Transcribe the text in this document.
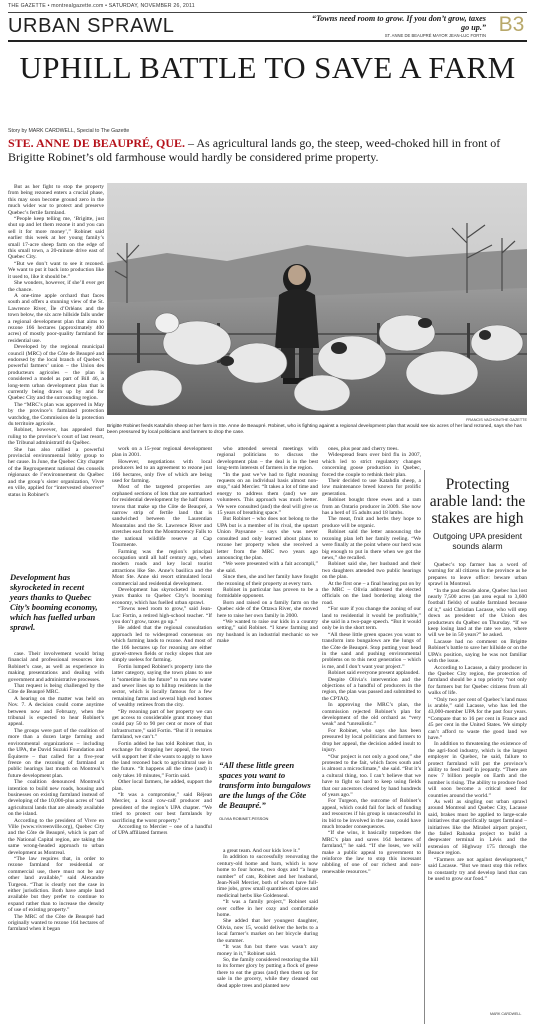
THE GAZETTE • montrealgazette.com • SATURDAY, NOVEMBER 26, 2011
URBAN SPRAWL	“Towns need room to grow. If you don’t grow, taxes go up.”
ST. ANNE DE BEAUPRÉ MAYOR JEAN-LUC FORTIN B3
UPHILL BATTLE TO SAVE A FARM
Story by MARK CARDWELL, Special to The Gazette
STE. ANNE DE BEAUPRÉ, QUE. – As agricultural lands go, the steep, weed-choked hill in front of Brigitte Robinet’s old farmhouse would hardly be considered prime property.

But as her fight to stop the property from being rezoned enters a crucial phase, this may soon become ground zero in the much wider war to protect and preserve Quebec’s fertile farmland.

“People keep telling me, ‘Brigitte, just shut up and let them rezone it and you can sell it for more money’,” Robinet said earlier this week at her young family’s small 17-acre sheep farm on the edge of this small town, a 20-minute drive east of Quebec City.

“But we don’t want to see it rezoned. We want to put it back into production like it used to, like it should be.”

She wonders, however, if she’ll ever get the chance.

A one-time apple orchard that faces south and offers a stunning view of the St. Lawrence River, Île d’Orléans and the town below, the six acre hillside falls under a regional development plan that aims to rezone 166 hectares (approximately 400 acres) of mostly poor-quality farmland for residential use.

Developed by the regional municipal council (MRC) of the Côte de Beaupré and endorsed by the local branch of Quebec’s powerful farmers’ union – the Union des producteurs agricoles – the plan is considered a model as part of Bill 46, a long-term urban development plan that is currently being drawn up by and for Quebec City and the surrounding region.

The “MRC’s plan was approved in May by the province’s farmland protection watchdog, the Commission de la protection du territoire agricole.

Robinet, however, has appealed that ruling to the province’s court of last resort, the Tribunal administratif du Québec.

She has also rallied a powerful provincial environmental lobby group to her cause. In June, the Quebec City chapter of the Regroupement national des conseils régionaux de l’environnement du Québec and the group’s sister organization, Vivre en ville, applied for “intervested observer” status in Robinet’s

Development has skyrocketed in recent years thanks to Quebec City’s booming economy, which has fuelled urban sprawl.

case. Their involvement would bring financial and professional resources into Robinet’s case, as well as experience in making presentations and dealing with government and administrative processes.

That request is being challenged by the Côte de Beaupré MRC.

A hearing on the matter was held on Nov. 7. A decision could come anytime between now and February, when the tribunal is expected to hear Robinet’s appeal.

The groups were part of the coalition of more than a dozen large farming and environmental organizations – including the UPA, the David Suzuki Foundation and Équiterre – that called for a five-year freeze on the rezoning of farmland at public hearings last month on Montreal’s future development plan.

The coalition denounced Montreal’s intention to build new roads, housing and businesses on existing farmland instead of developing of the 10,000-plus acres of ‘sad agricultural lands that are already available on the island.

According to the president of Vivre en Ville (www.vivreenville.org), Quebec City and the Côte de Beaupré, which is part of the National Capital region, are taking the same wrong-headed approach to urban development as Montreal.

“The law requires that, in order to rezone farmland for residential or commercial use, there must not be any other land available,” said Alexandre Turgeon. “That is clearly not the case in either jurisdiction. Both have ample land available but they prefer to continue to expand rather than to increase the density of use of existing property.”

The MRC of the Côte de Beaupré had originally wanted to rezone 164 hectares of farmland when it began

FRANCIS VACHON/THE GAZETTE
Brigitte Robinet feeds Katahdin sheep at her farm in Ste. Anne de Beaupré. Robinet, who is fighting against a regional development plan that would see six acres of her land rezoned, says she has been pressured by local politicians and farmers to drop the case.

work on a 15-year regional development plan in 2001.

However, negotiations with local producers led to an agreement to rezone just 166 hectares, only five of which are being used for farming.

Most of the targeted properties are orphaned sections of lots that are earmarked for residential development by the half dozen towns that make up the Côte de Beaupré, a narrow strip of fertile land that is sandwiched between the Laurentian Mountains and the St. Lawrence River and stretches east from the Montmorency Falls to the national wildlife reserve at Cap Tourmente.

Farming was the region’s principal occupation until all half century ago, when modern roads and key local tourist attractions like Ste. Anne’s basilica and the Mont Ste. Anne ski resort stimulated local commercial and residential development.

Development has skyrocketed in recent years thanks to Quebec City’s booming economy, which has fuelled urban sprawl.

“Towns need room to grow,” said Jean-Luc Fortin, a retired high-school teacher. “If you don’t grow, taxes go up.”

He added that the regional consultation approach led to widespread consensus on which farming lands to rezone. And most of the 166 hectares up for rezoning are either gravel-strewn fields or rocky slopes that are simply useless for farming.

Fortin lumped Robinet’s property into the latter category, saying the town plans to use it “sometime in the future” to run new water and sewer lines up to hilltop residents in the sector, which is locally famous for a few remaining farms and several high end homes of wealthy retirees from the city.

“By rezoning part of her property we can get access to considerable grant money that could pay 50 to 90 per cent or more of that infrastructure,” said Fortin. “But if it remains farmland, we can’t.”

Fortin added he has told Robinet that, in exchange for dropping her appeal, the town will support her if she wants to apply to have the land rezoned back to agricultural use in the future. “It happens all the time (and) it only takes 10 minutes,” Fortin said.

Other local farmers, he added, support the plan.

“It was a compromise,” said Réjean Mercier, a local cow-calf producer and president of the region’s UPA chapter. “We tried to protect our best farmlands by sacrificing the worst property.”

According to Mercier – one of a handful of UPA affiliated farmers

who attended several meetings with regional politicians to discuss the development plan – the deal is in the best long-term interests of farmers in the region.

“In the past we’ve had to fight rezoning requests on an individual basis almost non-stop,” said Mercier. “It takes a lot of time and energy to address them (and) we are volunteers. This approach was much better. We were consulted (and) the deal will give us 15 years of breathing space.”

But Robinet – who does not belong to the UPA but is a member of its rival, the upstart Union Paysanne – says she was never consulted and only learned about plans to rezone her property when she received a letter from the MRC two years ago announcing the plan.

“We were presented with a fait accompli,” she said.

Since then, she and her family have fought the rezoning of their property at every turn.

Robinet in particular has proven to be a formidable opponent.

Born and raised on a family farm on the Quebec side of the Ottawa River, she moved here to raise her own family in 2000.

“We wanted to raise our kids in a country setting,” said Robinet. “I knew farming and my husband is an industrial mechanic so we make

“All these little green spaces you want to transform into bungalows are the lungs of the Côte de Beaupré.”
OLIVIA ROBINET-PESSON

a great team. And our kids love it.”

In addition to successfully renovating the century-old home and barn, which is now home to four horses, two dogs and “a huge number” of cats, Robinet and her husband, Jean-Noël Mercier, both of whom have full-time jobs, grow small quantities of spices and medicinal herbs like Goldenseal.

“It was a family project,” Robinet said over coffee in her cozy and comfortable home.

She added that her youngest daughter, Olivia, now 15, would deliver the herbs to a local farmer’s market on her bicycle during the summer.

“It was fun but there was wasn’t any money in it,” Robinet said.

So, the family considered restoring the hill to its former glory by putting a flock of geese there to eat the grass (and) then them up for sale in the grocery, while they cleaned out dead apple trees and planted new

ones, plus pear and cherry trees.

Widespread fears over bird flu in 2007, which led to strict regulatory changes concerning goose production in Quebec, forced the couple to rethink their plan.

Their decided to use Katahdin sheep, a low maintenance breed known for prolific generation.

Robinet bought three ewes and a ram from an Ontario producer in 2009. She now has a herd of 15 adults and 18 lambs.

The meat, fruit and herbs they hope to produce will be organic.

Robinet said the letter announcing the rezoning plan left her family reeling. “We were finally at the point where our herd was big enough to put in there when we got the news,” she recalled.

Robinet said she, her husband and their two daughters attended two public hearings on the plan.

At the first one – a final hearing put on by the MRC – Olivia addressed the elected officials on the land bordering along the road.

“For sure if you change the zoning of our land to residential it would be profitable,” she said in a two-page speech. “But it would only be in the short term.

“All these little green spaces you want to transform into bungalows are the lungs of the Côte de Beaupré. Stop putting your head in the sand and pushing environmental problems on to this next generation – which is me, and I don’t want your project.”

Robinet said everyone present applauded.

Despite Olivia’s intervention and the objections of a handful of producers in the region, the plan was passed and submitted to the CPTAQ.

In approving the MRC’s plan, the commission rejected Robinet’s plan for development of the old orchard as “very weak” and “unrealistic.”

For Robinet, who says she has been pressured by local politicians and farmers to drop her appeal, the decision added insult to injury.

“Our project is not only a good one,” she protested to the fait, which faces south and is almost a microclimate,” she said. “But it’s a cultural thing, too. I can’t believe that we have to fight so hard to keep using fields that our ancestors cleared by hand hundreds of years ago.”

For Turgeon, the outcome of Robinet’s appeal, which could fail for lack of funding and resources if his group is unsuccessful in its bid to be involved in the case, could have much broader consequences.

“If she wins, it basically torpedoes the MRC’s plan and saves 164 hectares of farmland,” he said. “If she loses, we will make a public appeal to government to reinforce the law to stop this incessant nibbling of one of our richest and non-renewable resources.”

Protecting arable land: the stakes are high
Outgoing UPA president sounds alarm

Quebec’s top farmer has a word of warning for all citizens in the province as he prepares to leave office: beware urban sprawl in Montreal.

“In the past decade alone, Quebec has lost nearly 7,500 acres (an area equal to 3,600 football fields) of usable farmland because of it,” said Christian Lacasse, who will step down as president of the Union des producteurs du Québec on Thursday. “If we keep losing land at the rate we are, where will we be in 50 years?” he asked.

Lacasse had no comment on Brigitte Robinet’s battle to save her hillside or on the UPA’s position, saying he was not familiar with the issue.

According to Lacasse, a dairy producer in the Quebec City region, the protection of farmland should be a top priority “not only for farmers but for Quebec citizens from all walks of life.

“Only two per cent of Quebec’s land mass is arable,” said Lacasse, who has led the 43,000-member UPA for the past four years. “Compare that to 16 per cent in France and 45 per cent in the United States. We simply can’t afford to waste the good land we have.”

In addition to threatening the existence of the agri-food industry, which is the largest employer in Quebec, he said, failure to protect farmland will put the province’s ability to feed itself in jeopardy. “There are now 7 billion people on Earth and the number is rising. The ability to produce food will soon become a critical need for countries around the world.”

As well as singling out urban sprawl around Montreal and Quebec City, Lacasse said, brakes must be applied to large-scale initiatives that specifically target farmland – initiatives like the Mirabel airport project, the failed Rabaska project to build a deepwater terminal in Lévis and the extension of Highway 175 through the Beauce region.

“Farmers are not against development,” said Lacasse. “But we must stop this reflex to constantly try and develop land that can be used to grow our food.”

MARK CARDWELL
